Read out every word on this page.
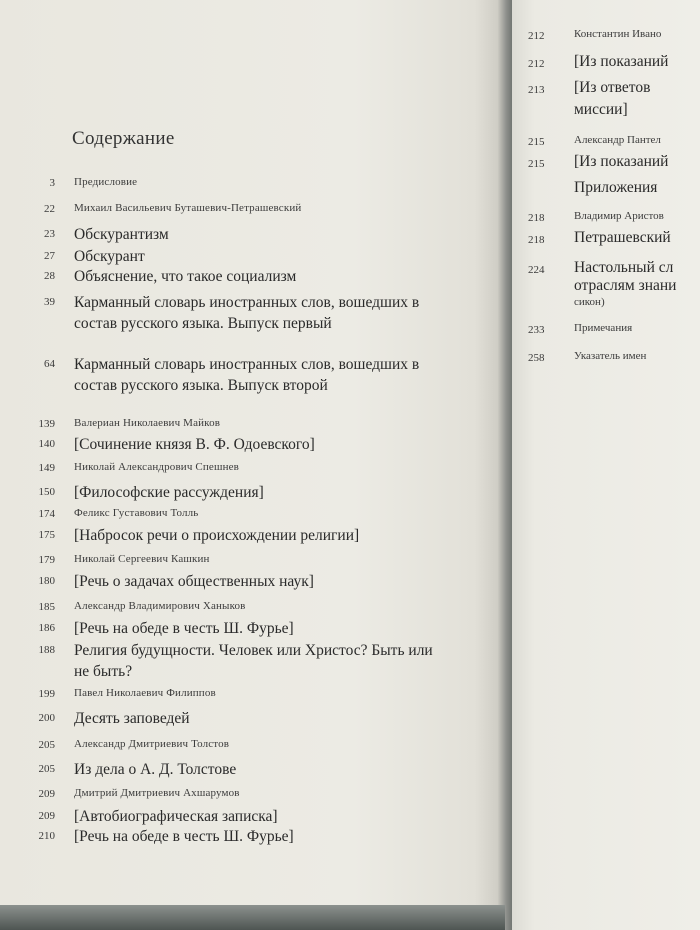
Содержание
3 Предисловие
22 Михаил Васильевич Буташевич-Петрашевский
23 Обскурантизм
27 Обскурант
28 Объяснение, что такое социализм
39 Карманный словарь иностранных слов, вошедших в состав русского языка. Выпуск первый
64 Карманный словарь иностранных слов, вошедших в состав русского языка. Выпуск второй
139 Валериан Николаевич Майков
140 [Сочинение князя В. Ф. Одоевского]
149 Николай Александрович Спешнев
150 [Философские рассуждения]
174 Феликс Густавович Толль
175 [Набросок речи о происхождении религии]
179 Николай Сергеевич Кашкин
180 [Речь о задачах общественных наук]
185 Александр Владимирович Ханыков
186 [Речь на обеде в честь Ш. Фурье]
188 Религия будущности. Человек или Христос? Быть или не быть?
199 Павел Николаевич Филиппов
200 Десять заповедей
205 Александр Дмитриевич Толстов
205 Из дела о А. Д. Толстове
209 Дмитрий Дмитриевич Ахшарумов
209 [Автобиографическая записка]
210 [Речь на обеде в честь Ш. Фурье]
212	Константин Ивано
212 [Из показаний
213 [Из ответов
миссии]
215	Александр Пантел
215 [Из показаний
Приложения
218	Владимир Аристов
218 Петрашевский
224 Настольный сл
отраслям знани
сикон)
233	Примечания
258	Указатель имен
